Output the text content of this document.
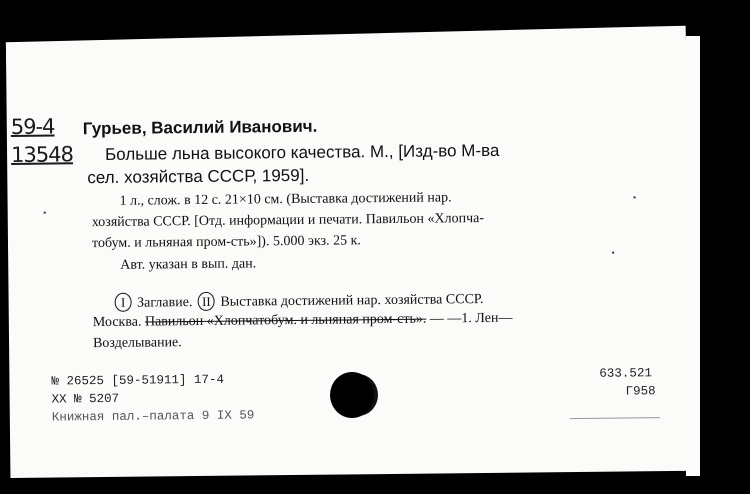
59-4
13548
Гурьев, Василий Иванович.
Больше льна высокого качества. М., [Изд-во М-ва
сел. хозяйства СССР, 1959].
1 л., слож. в 12 с. 21×10 см. (Выставка достижений нар.
хозяйства СССР. [Отд. информации и печати. Павильон «Хлопча-
тобум. и льняная пром-сть»]). 5.000 экз. 25 к.
Авт. указан в вып. дан.
I Заглавие. II Выставка достижений нар. хозяйства СССР.
Москва. Павильон «Хлопчатобум. и льняная пром-сть». — —1. Лен—
Возделывание.
№ 26525 [59-51911] 17-4
ХХ № 5207
Книжная пал.–палата 9 IX 59
633.521
Г958
